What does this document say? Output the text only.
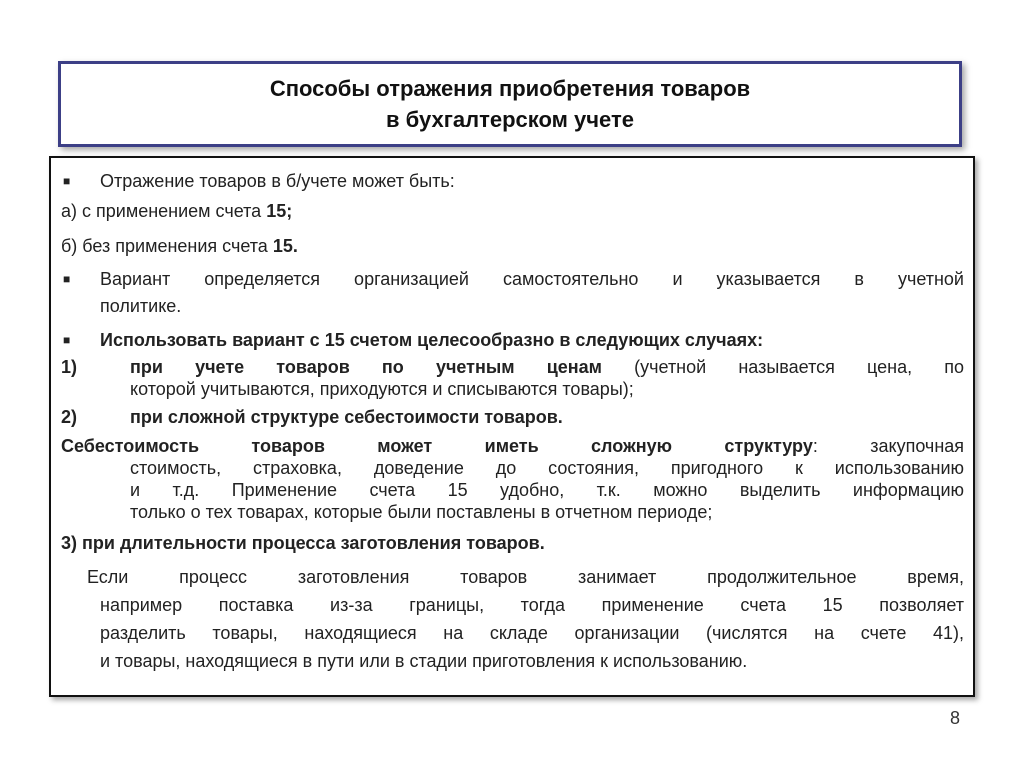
Способы отражения приобретения товаров
в бухгалтерском учете
■ Отражение товаров в б/учете может быть:
а) с применением счета 15;
б) без применения счета 15.
■ Вариант определяется организацией самостоятельно и указывается в учетной
политике.
■ Использовать вариант с 15 счетом целесообразно в следующих случаях:
1)	при учете товаров по учетным ценам (учетной называется цена, по
которой учитываются, приходуются и списываются товары);
2)	при сложной структуре себестоимости товаров.
Себестоимость товаров может иметь сложную структуру: закупочная
стоимость, страховка, доведение до состояния, пригодного к использованию
и т.д. Применение счета 15 удобно, т.к. можно выделить информацию
только о тех товарах, которые были поставлены в отчетном периоде;
3) при длительности процесса заготовления товаров.
Если процесс заготовления товаров занимает продолжительное время,
например поставка из-за границы, тогда применение счета 15 позволяет
разделить товары, находящиеся на складе организации (числятся на счете 41),
и товары, находящиеся в пути или в стадии приготовления к использованию.
8
